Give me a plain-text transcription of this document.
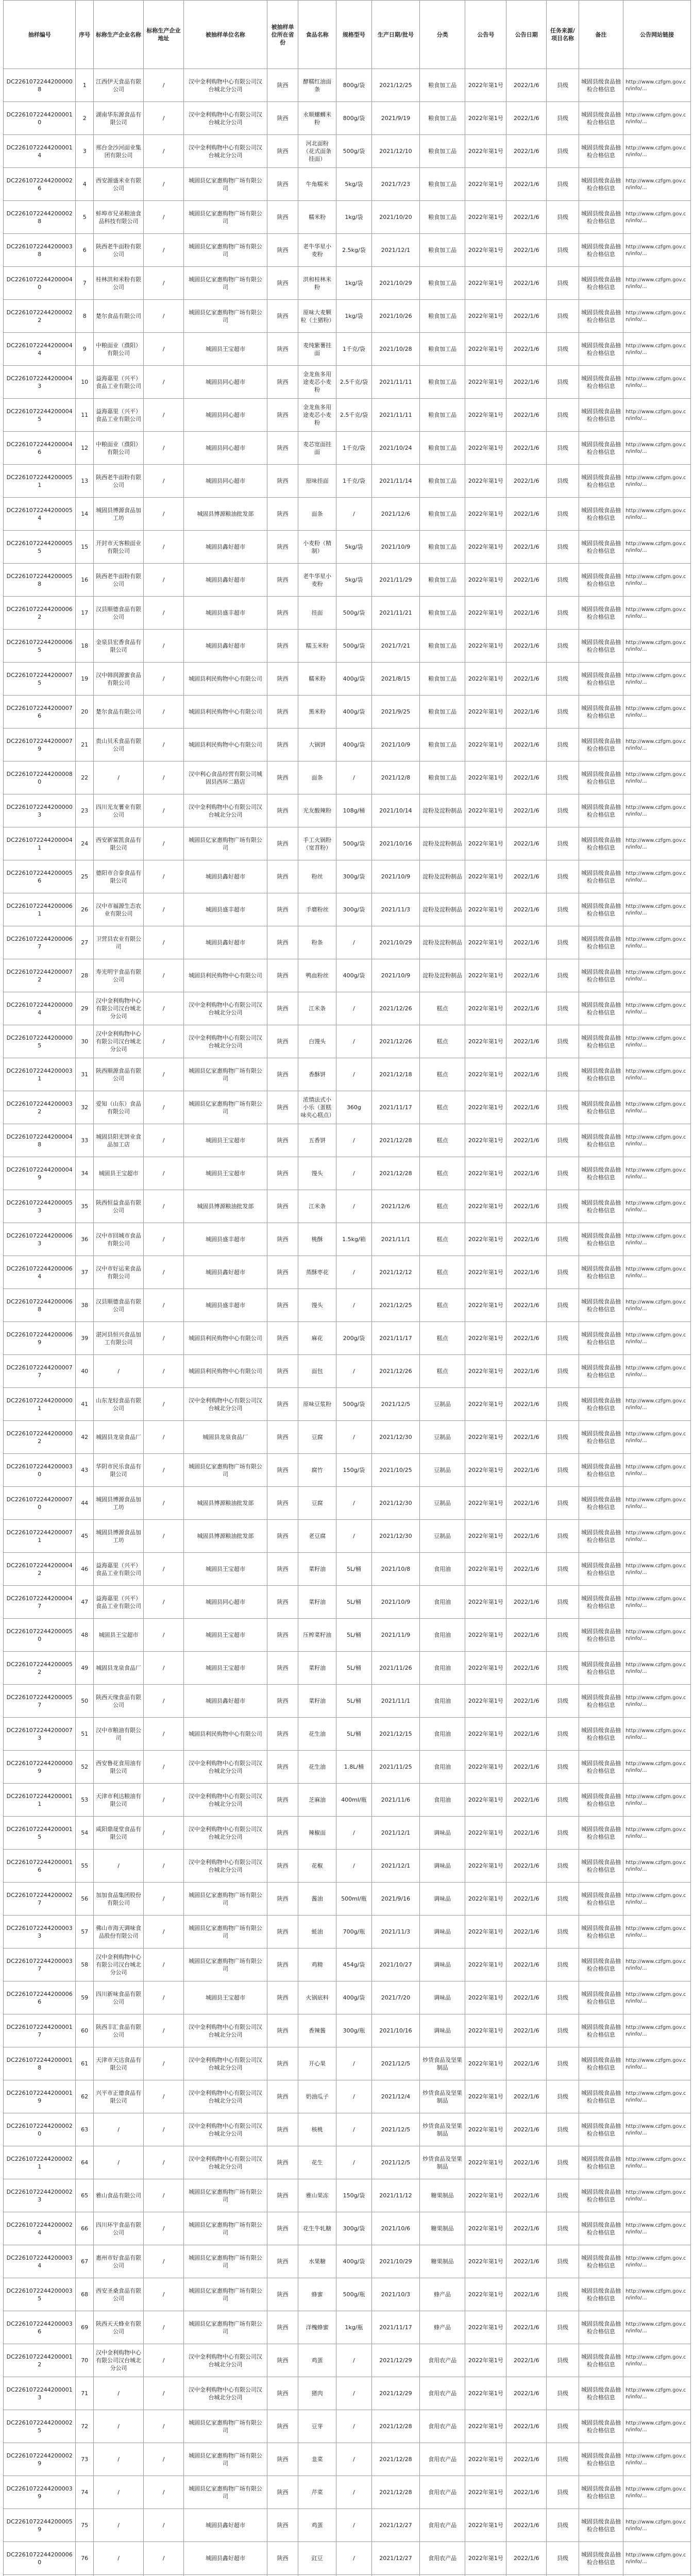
抽样编号	序号	标称生产企业名称	标称生产企业地址	被抽样单位名称	被抽样单位所在省份	食品名称	规格型号	生产日期/批号	分类	公告号	公告日期	任务来源/项目名称	备注	公告网站链接
DC22610722442000008	1	江西伊天食品有限公司	/	汉中金利购物中心有限公司汉台城北分公司	陕西	酵糯红油面条	800g/袋	2021/12/25	粮食加工品	2022年第1号	2022/1/6	县级	城固县级食品抽检合格信息	http://www.czfgm.gov.cn/info/...
DC22610722442000010	2	湖南华东源食品有限公司	/	汉中金利购物中心有限公司汉台城北分公司	陕西	永顺螺蛳米粉	800g/袋	2021/9/19	粮食加工品	2022年第1号	2022/1/6	县级	城固县级食品抽检合格信息	http://www.czfgm.gov.cn/info/...
DC22610722442000014	3	邢台金沙河面业集团有限公司	/	汉中金利购物中心有限公司汉台城北分公司	陕西	河北面粉（花式面条挂面）	500g/袋	2021/12/10	粮食加工品	2022年第1号	2022/1/6	县级	城固县级食品抽检合格信息	http://www.czfgm.gov.cn/info/...
DC22610722442000026	4	西安源盛米业有限公司	/	城固县亿家惠购物广场有限公司	陕西	牛角糯米	5kg/袋	2021/7/23	粮食加工品	2022年第1号	2022/1/6	县级	城固县级食品抽检合格信息	http://www.czfgm.gov.cn/info/...
DC22610722442000028	5	蚌埠市兄弟粮油食品科技有限公司	/	城固县亿家惠购物广场有限公司	陕西	糯米粉	1kg/袋	2021/10/20	粮食加工品	2022年第1号	2022/1/6	县级	城固县级食品抽检合格信息	http://www.czfgm.gov.cn/info/...
DC22610722442000038	6	陕西老牛面粉有限公司	/	城固县亿家惠购物广场有限公司	陕西	老牛华星小麦粉	2.5kg/袋	2021/12/1	粮食加工品	2022年第1号	2022/1/6	县级	城固县级食品抽检合格信息	http://www.czfgm.gov.cn/info/...
DC22610722442000040	7	桂林洪和米粉有限公司	/	城固县亿家惠购物广场有限公司	陕西	洪和桂林米粉	1kg/袋	2021/10/29	粮食加工品	2022年第1号	2022/1/6	县级	城固县级食品抽检合格信息	http://www.czfgm.gov.cn/info/...
DC22610722442000022	8	楚尔食品有限公司	/	城固县亿家惠购物广场有限公司	陕西	原味大麦颗粒（土猪粉）	1kg/袋	2021/10/26	粮食加工品	2022年第1号	2022/1/6	县级	城固县级食品抽检合格信息	http://www.czfgm.gov.cn/info/...
DC22610722442000044	9	中粮面业（濮阳）有限公司	/	城固县王宝超市	陕西	麦纯紫薯挂面	1千克/袋	2021/10/28	粮食加工品	2022年第1号	2022/1/6	县级	城固县级食品抽检合格信息	http://www.czfgm.gov.cn/info/...
DC22610722442000043	10	益海嘉里（兴平）食品工业有限公司	/	城固县同心超市	陕西	金龙鱼多用途麦芯小麦粉	2.5千克/袋	2021/11/11	粮食加工品	2022年第1号	2022/1/6	县级	城固县级食品抽检合格信息	http://www.czfgm.gov.cn/info/...
DC22610722442000045	11	益海嘉里（兴平）食品工业有限公司	/	城固县同心超市	陕西	金龙鱼多用途麦芯小麦粉	2.5千克/袋	2021/11/11	粮食加工品	2022年第1号	2022/1/6	县级	城固县级食品抽检合格信息	http://www.czfgm.gov.cn/info/...
DC22610722442000046	12	中粮面业（濮阳）有限公司	/	城固县同心超市	陕西	麦芯宽面挂面	1千克/袋	2021/10/24	粮食加工品	2022年第1号	2022/1/6	县级	城固县级食品抽检合格信息	http://www.czfgm.gov.cn/info/...
DC22610722442000051	13	陕西老牛面粉有限公司	/	城固县同心超市	陕西	原味挂面	1千克/袋	2021/11/14	粮食加工品	2022年第1号	2022/1/6	县级	城固县级食品抽检合格信息	http://www.czfgm.gov.cn/info/...
DC22610722442000054	14	城固县博源食品加工坊	/	城固县博源粮油批发部	陕西	面条	/	2021/12/6	粮食加工品	2022年第1号	2022/1/6	县级	城固县级食品抽检合格信息	http://www.czfgm.gov.cn/info/...
DC22610722442000055	15	开封市天客粮面业有限公司	/	城固县鑫好超市	陕西	小麦粉（精制）	5kg/袋	2021/10/9	粮食加工品	2022年第1号	2022/1/6	县级	城固县级食品抽检合格信息	http://www.czfgm.gov.cn/info/...
DC22610722442000058	16	陕西老牛面粉有限公司	/	城固县鑫好超市	陕西	老牛华星小麦粉	5kg/袋	2021/11/29	粮食加工品	2022年第1号	2022/1/6	县级	城固县级食品抽检合格信息	http://www.czfgm.gov.cn/info/...
DC22610722442000062	17	汉县顺德食品有限公司	/	城固县盛丰超市	陕西	挂面	500g/袋	2021/11/21	粮食加工品	2022年第1号	2022/1/6	县级	城固县级食品抽检合格信息	http://www.czfgm.gov.cn/info/...
DC22610722442000065	18	金泉县宏香食品有限公司	/	城固县鑫好超市	陕西	糯玉米粉	500g/袋	2021/7/21	粮食加工品	2022年第1号	2022/1/6	县级	城固县级食品抽检合格信息	http://www.czfgm.gov.cn/info/...
DC22610722442000075	19	汉中韩润源蜜食品有限公司	/	城固县利民购物中心有限公司	陕西	糯米粉	400g/袋	2021/8/15	粮食加工品	2022年第1号	2022/1/6	县级	城固县级食品抽检合格信息	http://www.czfgm.gov.cn/info/...
DC22610722442000076	20	楚尔食品有限公司	/	城固县利民购物中心有限公司	陕西	黑米粉	400g/袋	2021/9/25	粮食加工品	2022年第1号	2022/1/6	县级	城固县级食品抽检合格信息	http://www.czfgm.gov.cn/info/...
DC22610722442000079	21	贵山贝禾食品有限公司	/	城固县利民购物中心有限公司	陕西	大锅饼	400g/袋	2021/10/9	粮食加工品	2022年第1号	2022/1/6	县级	城固县级食品抽检合格信息	http://www.czfgm.gov.cn/info/...
DC22610722442000080	22	/	/	汉中利心食品经营有限公司城固县西环二路店	陕西	面条	/	2021/12/8	粮食加工品	2022年第1号	2022/1/6	县级	城固县级食品抽检合格信息	http://www.czfgm.gov.cn/info/...
DC22610722442000003	23	四川光友薯业有限公司	/	汉中金利购物中心有限公司汉台城北分公司	陕西	光友酸辣粉	108g/桶	2021/10/14	淀粉及淀粉制品	2022年第1号	2022/1/6	县级	城固县级食品抽检合格信息	http://www.czfgm.gov.cn/info/...
DC22610722442000041	24	西安新富凯食品有限公司	/	城固县亿家惠购物广场有限公司	陕西	手工火锅粉（宽苕粉）	500g/袋	2021/10/16	淀粉及淀粉制品	2022年第1号	2022/1/6	县级	城固县级食品抽检合格信息	http://www.czfgm.gov.cn/info/...
DC22610722442000056	25	德阳市合泰食品有限公司	/	城固县鑫好超市	陕西	粉丝	300g/袋	2021/10/9	淀粉及淀粉制品	2022年第1号	2022/1/6	县级	城固县级食品抽检合格信息	http://www.czfgm.gov.cn/info/...
DC22610722442000061	26	汉中市福源生态农业有限公司	/	城固县盛丰超市	陕西	手磨粉丝	300g/袋	2021/11/3	淀粉及淀粉制品	2022年第1号	2022/1/6	县级	城固县级食品抽检合格信息	http://www.czfgm.gov.cn/info/...
DC22610722442000067	27	卫营县农业有限公司	/	城固县鑫好超市	陕西	粉条	/	2021/10/29	淀粉及淀粉制品	2022年第1号	2022/1/6	县级	城固县级食品抽检合格信息	http://www.czfgm.gov.cn/info/...
DC22610722442000072	28	寿光明宇食品有限公司	/	城固县利民购物中心有限公司	陕西	鸭血粉丝	400g/袋	2021/10/9	淀粉及淀粉制品	2022年第1号	2022/1/6	县级	城固县级食品抽检合格信息	http://www.czfgm.gov.cn/info/...
DC22610722442000004	29	汉中金利购物中心有限公司汉台城北分公司	/	汉中金利购物中心有限公司汉台城北分公司	陕西	江米条	/	2021/12/26	糕点	2022年第1号	2022/1/6	县级	城固县级食品抽检合格信息	http://www.czfgm.gov.cn/info/...
DC22610722442000005	30	汉中金利购物中心有限公司汉台城北分公司	/	汉中金利购物中心有限公司汉台城北分公司	陕西	白馒头	/	2021/12/26	糕点	2022年第1号	2022/1/6	县级	城固县级食品抽检合格信息	http://www.czfgm.gov.cn/info/...
DC22610722442000031	31	陕西顺源食品有限公司	/	城固县亿家惠购物广场有限公司	陕西	香酥饼	/	2021/12/18	糕点	2022年第1号	2022/1/6	县级	城固县级食品抽检合格信息	http://www.czfgm.gov.cn/info/...
DC22610722442000032	32	爱知（山东）食品有限公司	/	城固县亿家惠购物广场有限公司	陕西	浓情法式小小乐（蛋糕味夹心糕点）	360g	2021/11/17	糕点	2022年第1号	2022/1/6	县级	城固县级食品抽检合格信息	http://www.czfgm.gov.cn/info/...
DC22610722442000048	33	城固县阳光饼业食品加工店	/	城固县王宝超市	陕西	五香饼	/	2021/12/28	糕点	2022年第1号	2022/1/6	县级	城固县级食品抽检合格信息	http://www.czfgm.gov.cn/info/...
DC22610722442000049	34	城固县王宝超市	/	城固县王宝超市	陕西	馒头	/	2021/12/28	糕点	2022年第1号	2022/1/6	县级	城固县级食品抽检合格信息	http://www.czfgm.gov.cn/info/...
DC22610722442000053	35	陕西恒益食品有限公司	/	城固县博源粮油批发部	陕西	江米条	/	2021/12/6	糕点	2022年第1号	2022/1/6	县级	城固县级食品抽检合格信息	http://www.czfgm.gov.cn/info/...
DC22610722442000063	36	汉中市回城市食品有限公司	/	城固县盛丰超市	陕西	桃酥	1.5kg/箱	2021/11/1	糕点	2022年第1号	2022/1/6	县级	城固县级食品抽检合格信息	http://www.czfgm.gov.cn/info/...
DC22610722442000064	37	汉中市好运来食品有限公司	/	城固县鑫好超市	陕西	蒸酥枣花	/	2021/12/12	糕点	2022年第1号	2022/1/6	县级	城固县级食品抽检合格信息	http://www.czfgm.gov.cn/info/...
DC22610722442000068	38	汉县顺德食品有限公司	/	城固县盛丰超市	陕西	馒头	/	2021/12/25	糕点	2022年第1号	2022/1/6	县级	城固县级食品抽检合格信息	http://www.czfgm.gov.cn/info/...
DC22610722442000069	39	湛河县恒兴食品加工有限公司	/	城固县利民购物中心有限公司	陕西	麻花	200g/袋	2021/11/17	糕点	2022年第1号	2022/1/6	县级	城固县级食品抽检合格信息	http://www.czfgm.gov.cn/info/...
DC22610722442000077	40	/	/	城固县利民购物中心有限公司	陕西	面包	/	2021/12/26	糕点	2022年第1号	2022/1/6	县级	城固县级食品抽检合格信息	http://www.czfgm.gov.cn/info/...
DC22610722442000001	41	山东龙轻食品有限公司	/	汉中金利购物中心有限公司汉台城北分公司	陕西	原味豆浆粉	500g/袋	2021/12/5	豆制品	2022年第1号	2022/1/6	县级	城固县级食品抽检合格信息	http://www.czfgm.gov.cn/info/...
DC22610722442000002	42	城固县龙泉食品厂	/	城固县龙泉食品厂	陕西	豆腐	/	2021/12/30	豆制品	2022年第1号	2022/1/6	县级	城固县级食品抽检合格信息	http://www.czfgm.gov.cn/info/...
DC22610722442000030	43	华阴市民乐食品有限公司	/	城固县亿家惠购物广场有限公司	陕西	腐竹	150g/袋	2021/10/25	豆制品	2022年第1号	2022/1/6	县级	城固县级食品抽检合格信息	http://www.czfgm.gov.cn/info/...
DC22610722442000070	44	城固县博源食品加工坊	/	城固县博源粮油批发部	陕西	豆腐	/	2021/12/30	豆制品	2022年第1号	2022/1/6	县级	城固县级食品抽检合格信息	http://www.czfgm.gov.cn/info/...
DC22610722442000071	45	城固县博源食品加工坊	/	城固县博源粮油批发部	陕西	老豆腐	/	2021/12/30	豆制品	2022年第1号	2022/1/6	县级	城固县级食品抽检合格信息	http://www.czfgm.gov.cn/info/...
DC22610722442000042	46	益海嘉里（兴平）食品工业有限公司	/	城固县王宝超市	陕西	菜籽油	5L/桶	2021/10/8	食用油	2022年第1号	2022/1/6	县级	城固县级食品抽检合格信息	http://www.czfgm.gov.cn/info/...
DC22610722442000047	47	益海嘉里（兴平）食品工业有限公司	/	城固县同心超市	陕西	菜籽油	5L/桶	2021/10/9	食用油	2022年第1号	2022/1/6	县级	城固县级食品抽检合格信息	http://www.czfgm.gov.cn/info/...
DC22610722442000050	48	城固县王宝超市	/	城固县王宝超市	陕西	压榨菜籽油	5L/桶	2021/11/9	食用油	2022年第1号	2022/1/6	县级	城固县级食品抽检合格信息	http://www.czfgm.gov.cn/info/...
DC22610722442000052	49	城固县龙泉食品厂	/	城固县王宝超市	陕西	菜籽油	5L/桶	2021/11/26	食用油	2022年第1号	2022/1/6	县级	城固县级食品抽检合格信息	http://www.czfgm.gov.cn/info/...
DC22610722442000057	50	陕西天缘食品有限公司	/	城固县鑫好超市	陕西	菜籽油	5L/桶	2021/11/1	食用油	2022年第1号	2022/1/6	县级	城固县级食品抽检合格信息	http://www.czfgm.gov.cn/info/...
DC22610722442000073	51	汉中市粮油有限公司	/	城固县利民购物中心有限公司	陕西	花生油	5L/桶	2021/12/15	食用油	2022年第1号	2022/1/6	县级	城固县级食品抽检合格信息	http://www.czfgm.gov.cn/info/...
DC22610722442000009	52	西安鲁花食用油有限公司	/	汉中金利购物中心有限公司汉台城北分公司	陕西	花生油	1.8L/桶	2021/11/25	食用油	2022年第1号	2022/1/6	县级	城固县级食品抽检合格信息	http://www.czfgm.gov.cn/info/...
DC22610722442000011	53	天津市利达粮油有限公司	/	汉中金利购物中心有限公司汉台城北分公司	陕西	芝麻油	400ml/瓶	2021/11/6	食用油	2022年第1号	2022/1/6	县级	城固县级食品抽检合格信息	http://www.czfgm.gov.cn/info/...
DC22610722442000015	54	咸阳鼎晟堂食品有限公司	/	汉中金利购物中心有限公司汉台城北分公司	陕西	辣椒面	/	2021/12/1	调味品	2022年第1号	2022/1/6	县级	城固县级食品抽检合格信息	http://www.czfgm.gov.cn/info/...
DC22610722442000016	55	/	/	汉中金利购物中心有限公司汉台城北分公司	陕西	花椒	/	2021/12/1	调味品	2022年第1号	2022/1/6	县级	城固县级食品抽检合格信息	http://www.czfgm.gov.cn/info/...
DC22610722442000027	56	加加食品集团股份有限公司	/	城固县亿家惠购物广场有限公司	陕西	酱油	500ml/瓶	2021/9/16	调味品	2022年第1号	2022/1/6	县级	城固县级食品抽检合格信息	http://www.czfgm.gov.cn/info/...
DC22610722442000033	57	佛山市海天调味食品股份有限公司	/	城固县亿家惠购物广场有限公司	陕西	蚝油	700g/瓶	2021/11/3	调味品	2022年第1号	2022/1/6	县级	城固县级食品抽检合格信息	http://www.czfgm.gov.cn/info/...
DC22610722442000037	58	汉中金利购物中心有限公司汉台城北分公司	/	城固县亿家惠购物广场有限公司	陕西	鸡精	454g/袋	2021/10/27	调味品	2022年第1号	2022/1/6	县级	城固县级食品抽检合格信息	http://www.czfgm.gov.cn/info/...
DC22610722442000066	59	四川新味食品有限公司	/	城固县王宝超市	陕西	火锅底料	400g/袋	2021/7/20	调味品	2022年第1号	2022/1/6	县级	城固县级食品抽检合格信息	http://www.czfgm.gov.cn/info/...
DC22610722442000017	60	陕西丰汇食品有限公司	/	汉中金利购物中心有限公司汉台城北分公司	陕西	香辣酱	300g/瓶	2021/10/16	调味品	2022年第1号	2022/1/6	县级	城固县级食品抽检合格信息	http://www.czfgm.gov.cn/info/...
DC22610722442000018	61	天津市天达食品有限公司	/	汉中金利购物中心有限公司汉台城北分公司	陕西	开心果	/	2021/12/5	炒货食品及坚果制品	2022年第1号	2022/1/6	县级	城固县级食品抽检合格信息	http://www.czfgm.gov.cn/info/...
DC22610722442000019	62	兴平市正德食品有限公司	/	汉中金利购物中心有限公司汉台城北分公司	陕西	奶油瓜子	/	2021/12/4	炒货食品及坚果制品	2022年第1号	2022/1/6	县级	城固县级食品抽检合格信息	http://www.czfgm.gov.cn/info/...
DC22610722442000020	63	/	/	汉中金利购物中心有限公司汉台城北分公司	陕西	核桃	/	2021/12/5	炒货食品及坚果制品	2022年第1号	2022/1/6	县级	城固县级食品抽检合格信息	http://www.czfgm.gov.cn/info/...
DC22610722442000021	64	/	/	汉中金利购物中心有限公司汉台城北分公司	陕西	花生	/	2021/12/5	炒货食品及坚果制品	2022年第1号	2022/1/6	县级	城固县级食品抽检合格信息	http://www.czfgm.gov.cn/info/...
DC22610722442000023	65	雅山食品有限公司	/	城固县亿家惠购物广场有限公司	陕西	雅山果冻	150g/袋	2021/11/12	糖果制品	2022年第1号	2022/1/6	县级	城固县级食品抽检合格信息	http://www.czfgm.gov.cn/info/...
DC22610722442000024	66	四川环宇食品有限公司	/	城固县亿家惠购物广场有限公司	陕西	花生牛轧糖	300g/袋	2021/10/6	糖果制品	2022年第1号	2022/1/6	县级	城固县级食品抽检合格信息	http://www.czfgm.gov.cn/info/...
DC22610722442000034	67	惠州市好食品有限公司	/	城固县亿家惠购物广场有限公司	陕西	水果糖	400g/袋	2021/10/29	糖果制品	2022年第1号	2022/1/6	县级	城固县级食品抽检合格信息	http://www.czfgm.gov.cn/info/...
DC22610722442000035	68	西安圣桑食品有限公司	/	城固县亿家惠购物广场有限公司	陕西	蜂蜜	500g/瓶	2021/10/3	蜂产品	2022年第1号	2022/1/6	县级	城固县级食品抽检合格信息	http://www.czfgm.gov.cn/info/...
DC22610722442000036	69	陕西天天蜂业有限公司	/	城固县亿家惠购物广场有限公司	陕西	洋槐蜂蜜	1kg/瓶	2021/11/17	蜂产品	2022年第1号	2022/1/6	县级	城固县级食品抽检合格信息	http://www.czfgm.gov.cn/info/...
DC22610722442000012	70	汉中金利购物中心有限公司汉台城北分公司	/	汉中金利购物中心有限公司汉台城北分公司	陕西	鸡蛋	/	2021/12/29	食用农产品	2022年第1号	2022/1/6	县级	城固县级食品抽检合格信息	http://www.czfgm.gov.cn/info/...
DC22610722442000013	71	/	/	汉中金利购物中心有限公司汉台城北分公司	陕西	猪肉	/	2021/12/29	食用农产品	2022年第1号	2022/1/6	县级	城固县级食品抽检合格信息	http://www.czfgm.gov.cn/info/...
DC22610722442000025	72	/	/	城固县亿家惠购物广场有限公司	陕西	豆芽	/	2021/12/28	食用农产品	2022年第1号	2022/1/6	县级	城固县级食品抽检合格信息	http://www.czfgm.gov.cn/info/...
DC22610722442000029	73	/	/	城固县亿家惠购物广场有限公司	陕西	韭菜	/	2021/12/28	食用农产品	2022年第1号	2022/1/6	县级	城固县级食品抽检合格信息	http://www.czfgm.gov.cn/info/...
DC22610722442000039	74	/	/	城固县亿家惠购物广场有限公司	陕西	芹菜	/	2021/12/28	食用农产品	2022年第1号	2022/1/6	县级	城固县级食品抽检合格信息	http://www.czfgm.gov.cn/info/...
DC22610722442000059	75	/	/	城固县鑫好超市	陕西	鸡蛋	/	2021/12/27	食用农产品	2022年第1号	2022/1/6	县级	城固县级食品抽检合格信息	http://www.czfgm.gov.cn/info/...
DC22610722442000060	76	/	/	城固县鑫好超市	陕西	豇豆	/	2021/12/27	食用农产品	2022年第1号	2022/1/6	县级	城固县级食品抽检合格信息	http://www.czfgm.gov.cn/info/...
